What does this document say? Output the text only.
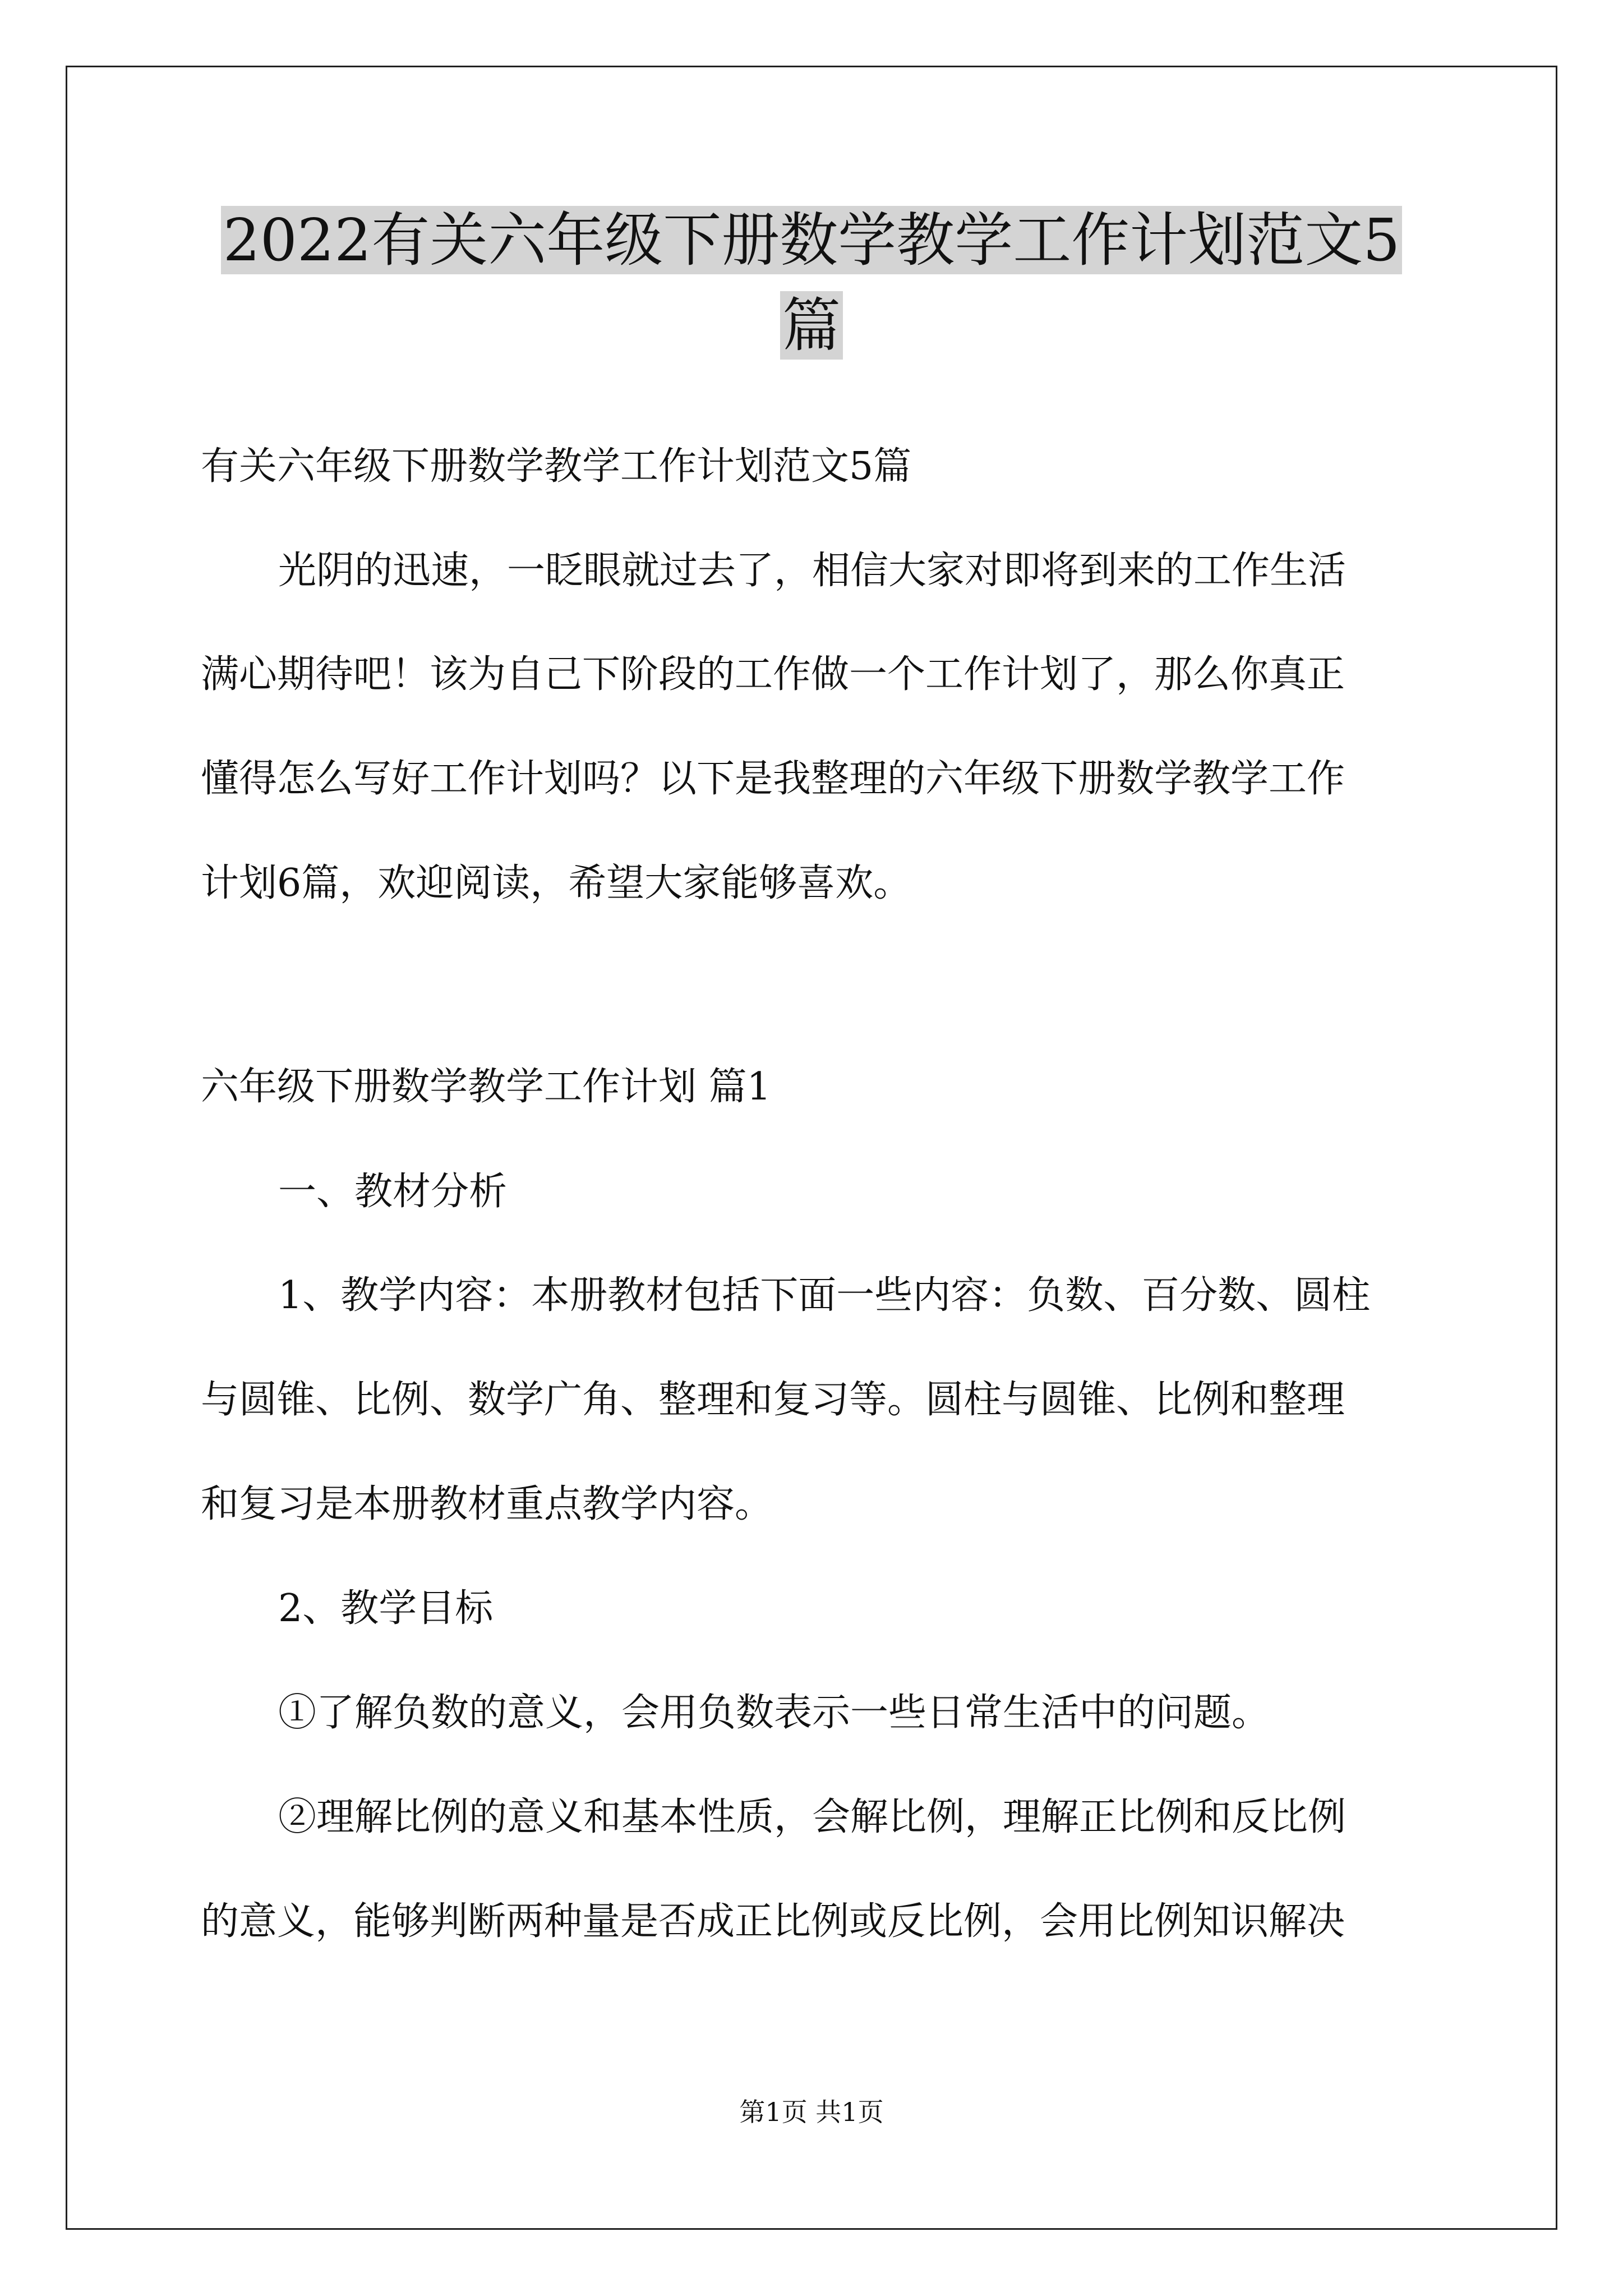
2022有关六年级下册数学教学工作计划范文5
篇
有关六年级下册数学教学工作计划范文5篇
光阴的迅速，一眨眼就过去了，相信大家对即将到来的工作生活
满心期待吧！该为自己下阶段的工作做一个工作计划了，那么你真正
懂得怎么写好工作计划吗？以下是我整理的六年级下册数学教学工作
计划6篇，欢迎阅读，希望大家能够喜欢。
六年级下册数学教学工作计划 篇1
一、教材分析
1、教学内容：本册教材包括下面一些内容：负数、百分数、圆柱
与圆锥、比例、数学广角、整理和复习等。圆柱与圆锥、比例和整理
和复习是本册教材重点教学内容。
2、教学目标
①了解负数的意义，会用负数表示一些日常生活中的问题。
②理解比例的意义和基本性质，会解比例，理解正比例和反比例
的意义，能够判断两种量是否成正比例或反比例，会用比例知识解决
第1页 共1页
